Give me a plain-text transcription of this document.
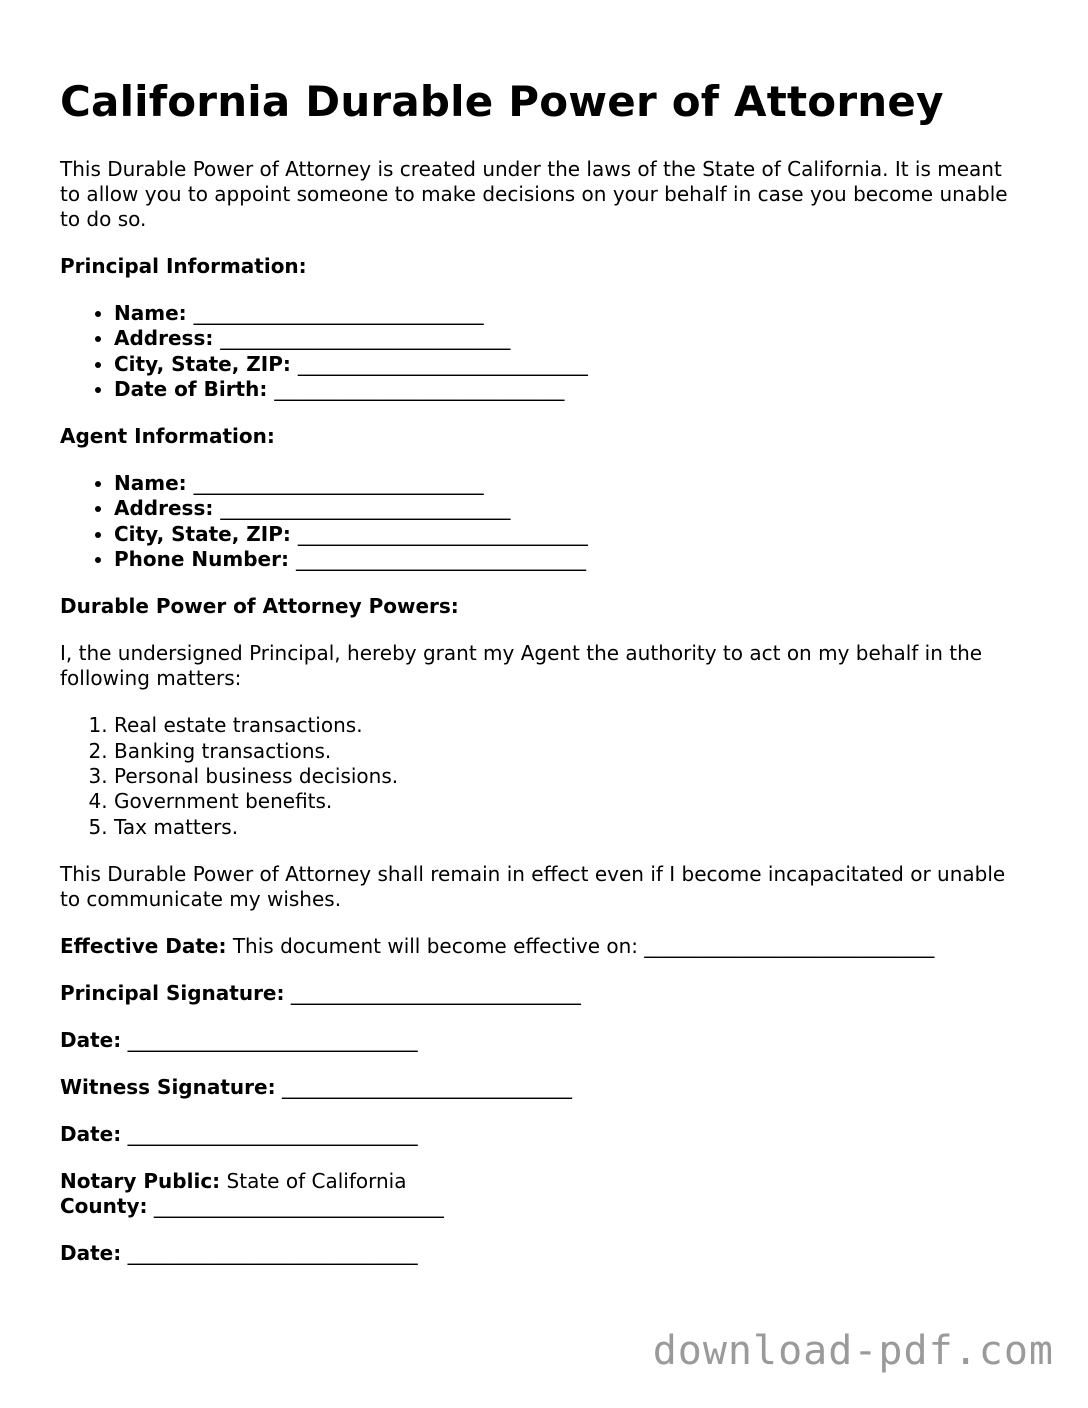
California Durable Power of Attorney

This Durable Power of Attorney is created under the laws of the State of California. It is meant to allow you to appoint someone to make decisions on your behalf in case you become unable to do so.

Principal Information:
• Name: _____________________________
• Address: _____________________________
• City, State, ZIP: _____________________________
• Date of Birth: _____________________________
Agent Information:
• Name: _____________________________
• Address: _____________________________
• City, State, ZIP: _____________________________
• Phone Number: _____________________________
Durable Power of Attorney Powers:

I, the undersigned Principal, hereby grant my Agent the authority to act on my behalf in the following matters:

1. Real estate transactions.
2. Banking transactions.
3. Personal business decisions.
4. Government benefits.
5. Tax matters.

This Durable Power of Attorney shall remain in effect even if I become incapacitated or unable to communicate my wishes.

Effective Date: This document will become effective on: _____________________________

Principal Signature: _____________________________

Date: _____________________________

Witness Signature: _____________________________

Date: _____________________________

Notary Public: State of California

County: _____________________________

Date: _____________________________

download-pdf.com
